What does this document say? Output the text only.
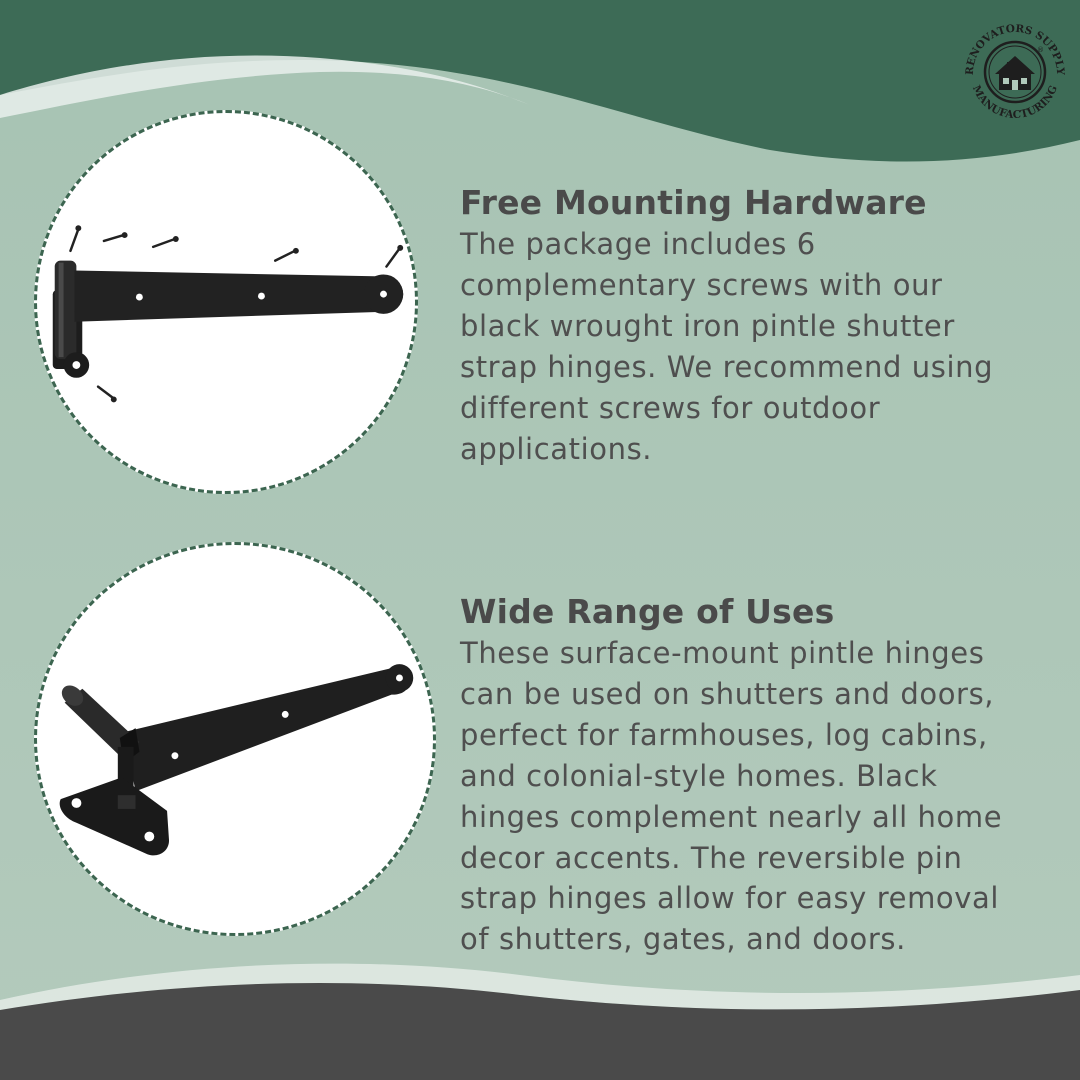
RENOVATORS SUPPLY
MANUFACTURING
®
Free Mounting Hardware
The package includes 6
complementary screws with our
black wrought iron pintle shutter
strap hinges. We recommend using
different screws for outdoor
applications.
Wide Range of Uses
These surface-mount pintle hinges
can be used on shutters and doors,
perfect for farmhouses, log cabins,
and colonial-style homes. Black
hinges complement nearly all home
decor accents. The reversible pin
strap hinges allow for easy removal
of shutters, gates, and doors.
